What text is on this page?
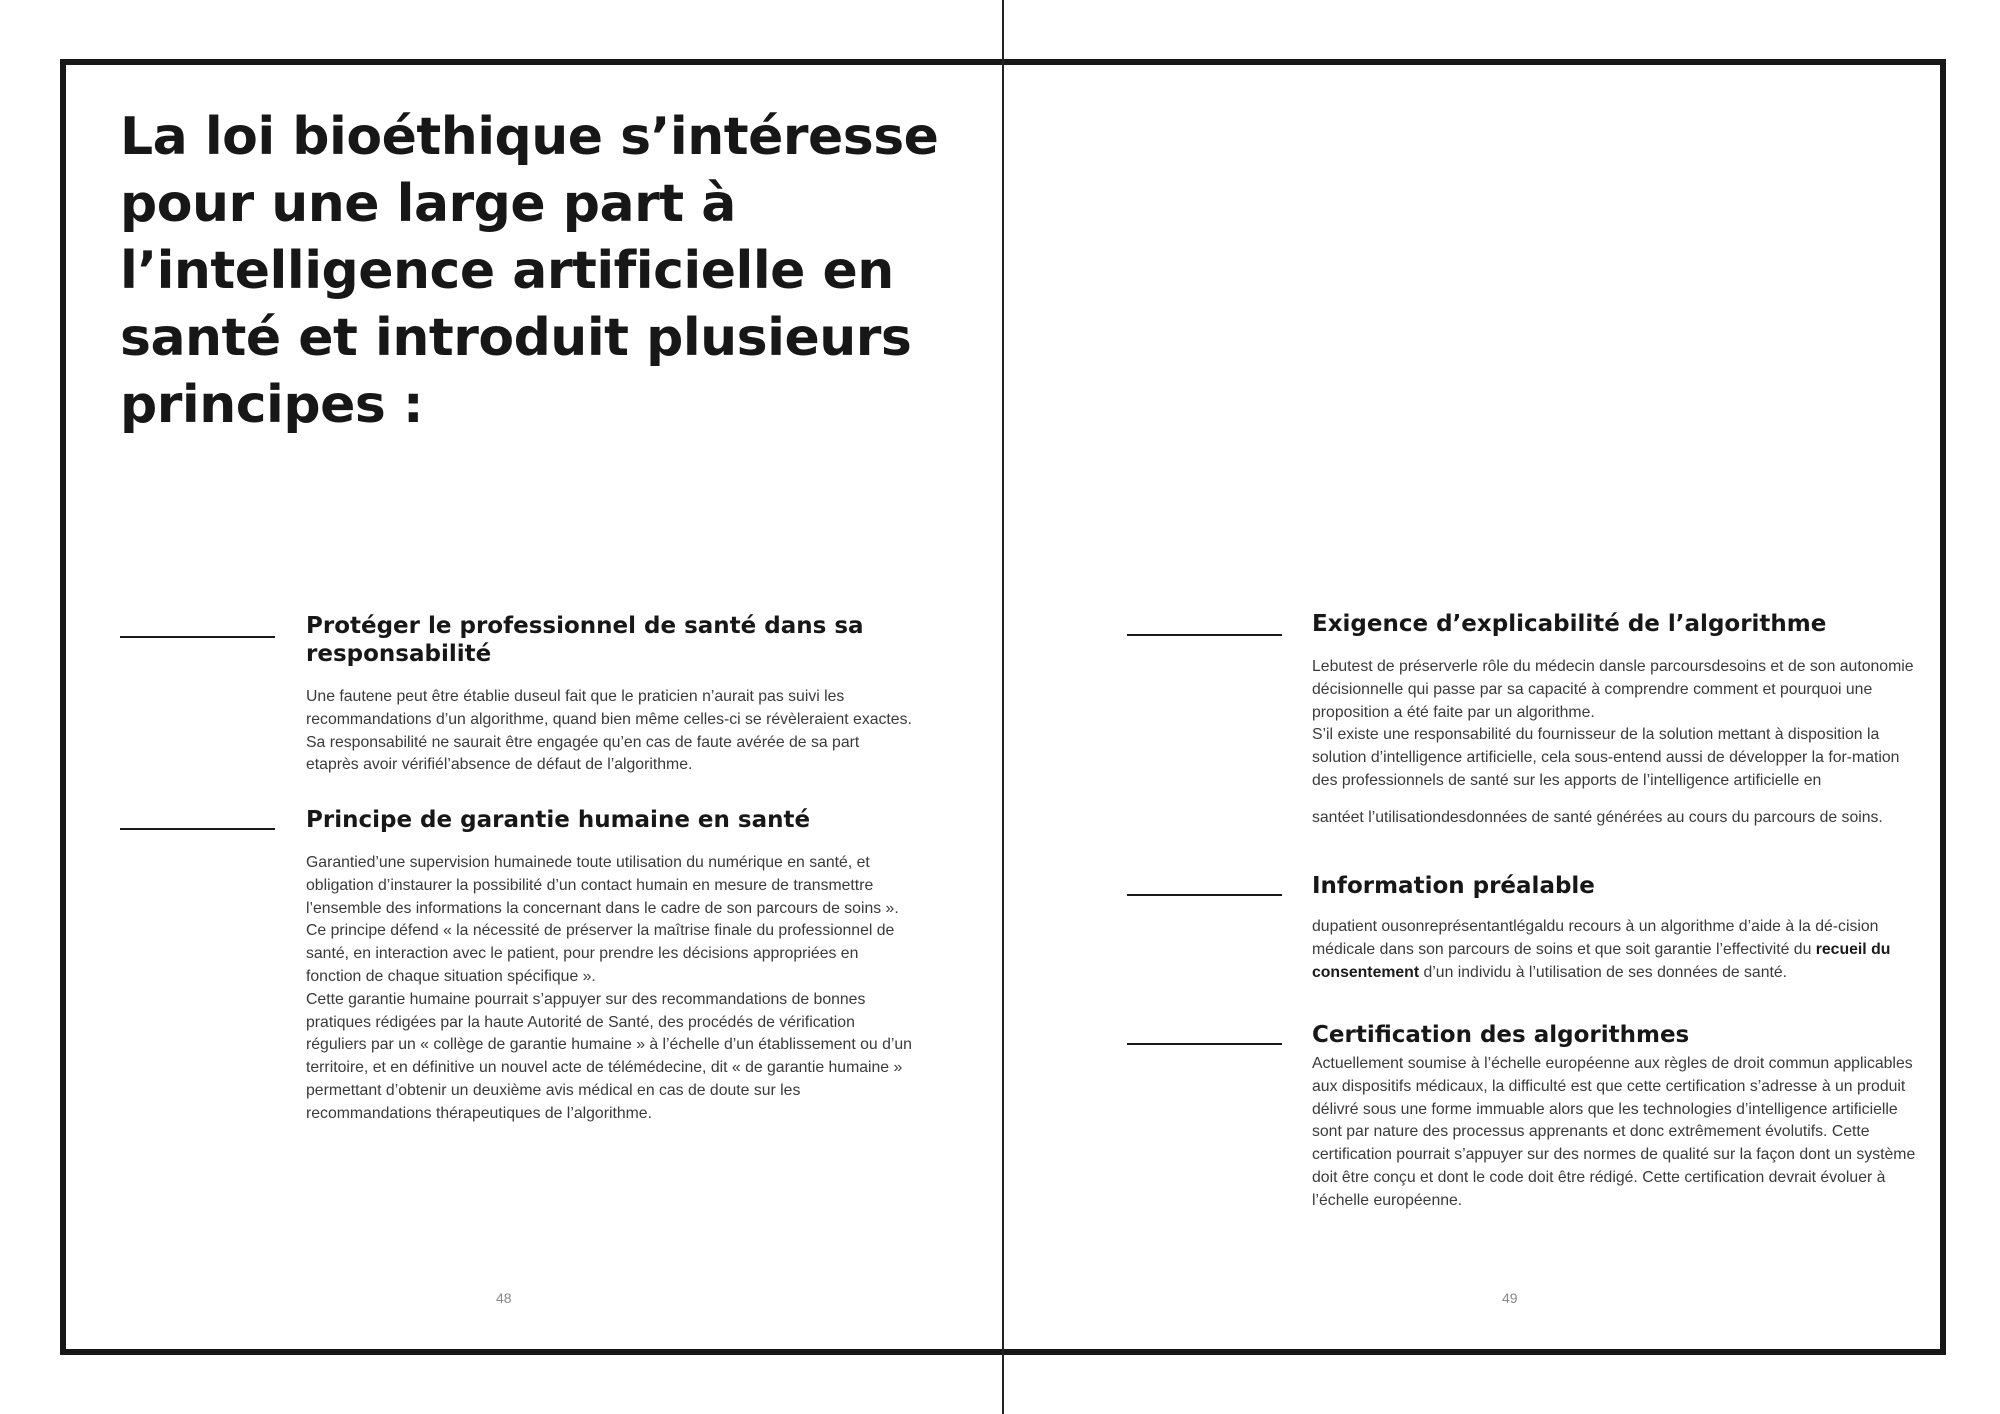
La loi bioéthique s’intéresse pour une large part à l’intelligence artificielle en santé et introduit plusieurs principes :
Protéger le professionnel de santé dans sa responsabilité

Une fautene peut être établie duseul fait que le praticien n’aurait pas suivi les recommandations d’un algorithme, quand bien même celles-ci se révèleraient exactes. Sa responsabilité ne saurait être engagée qu’en cas de faute avérée de sa part etaprès avoir vérifiél’absence de défaut de l’algorithme.

Principe de garantie humaine en santé

Garantied’une supervision humainede toute utilisation du numérique en santé, et obligation d’instaurer la possibilité d’un contact humain en mesure de transmettre l’ensemble des informations la concernant dans le cadre de son parcours de soins ».

Ce principe défend « la nécessité de préserver la maîtrise finale du professionnel de santé, en interaction avec le patient, pour prendre les décisions appropriées en fonction de chaque situation spécifique ».

Cette garantie humaine pourrait s’appuyer sur des recommandations de bonnes pratiques rédigées par la haute Autorité de Santé, des procédés de vérification réguliers par un « collège de garantie humaine » à l’échelle d’un établissement ou d’un territoire, et en définitive un nouvel acte de télémédecine, dit « de garantie humaine » permettant d’obtenir un deuxième avis médical en cas de doute sur les recommandations thérapeutiques de l’algorithme.

48
Exigence d’explicabilité de l’algorithme

Lebutest de préserverle rôle du médecin dansle parcoursdesoins et de son autonomie décisionnelle qui passe par sa capacité à comprendre comment et pourquoi une proposition a été faite par un algorithme.

S’il existe une responsabilité du fournisseur de la solution mettant à disposition la solution d’intelligence artificielle, cela sous-entend aussi de développer la for-mation des professionnels de santé sur les apports de l’intelligence artificielle en

santéet l’utilisationdesdonnées de santé générées au cours du parcours de soins.

Information préalable

dupatient ousonreprésentantlégaldu recours à un algorithme d’aide à la dé-cision médicale dans son parcours de soins et que soit garantie l’effectivité du recueil du consentement d’un individu à l’utilisation de ses données de santé.

Certification des algorithmes

Actuellement soumise à l’échelle européenne aux règles de droit commun applicables aux dispositifs médicaux, la difficulté est que cette certification s’adresse à un produit délivré sous une forme immuable alors que les technologies d’intelligence artificielle sont par nature des processus apprenants et donc extrêmement évolutifs. Cette certification pourrait s’appuyer sur des normes de qualité sur la façon dont un système doit être conçu et dont le code doit être rédigé. Cette certification devrait évoluer à l’échelle européenne.

49
